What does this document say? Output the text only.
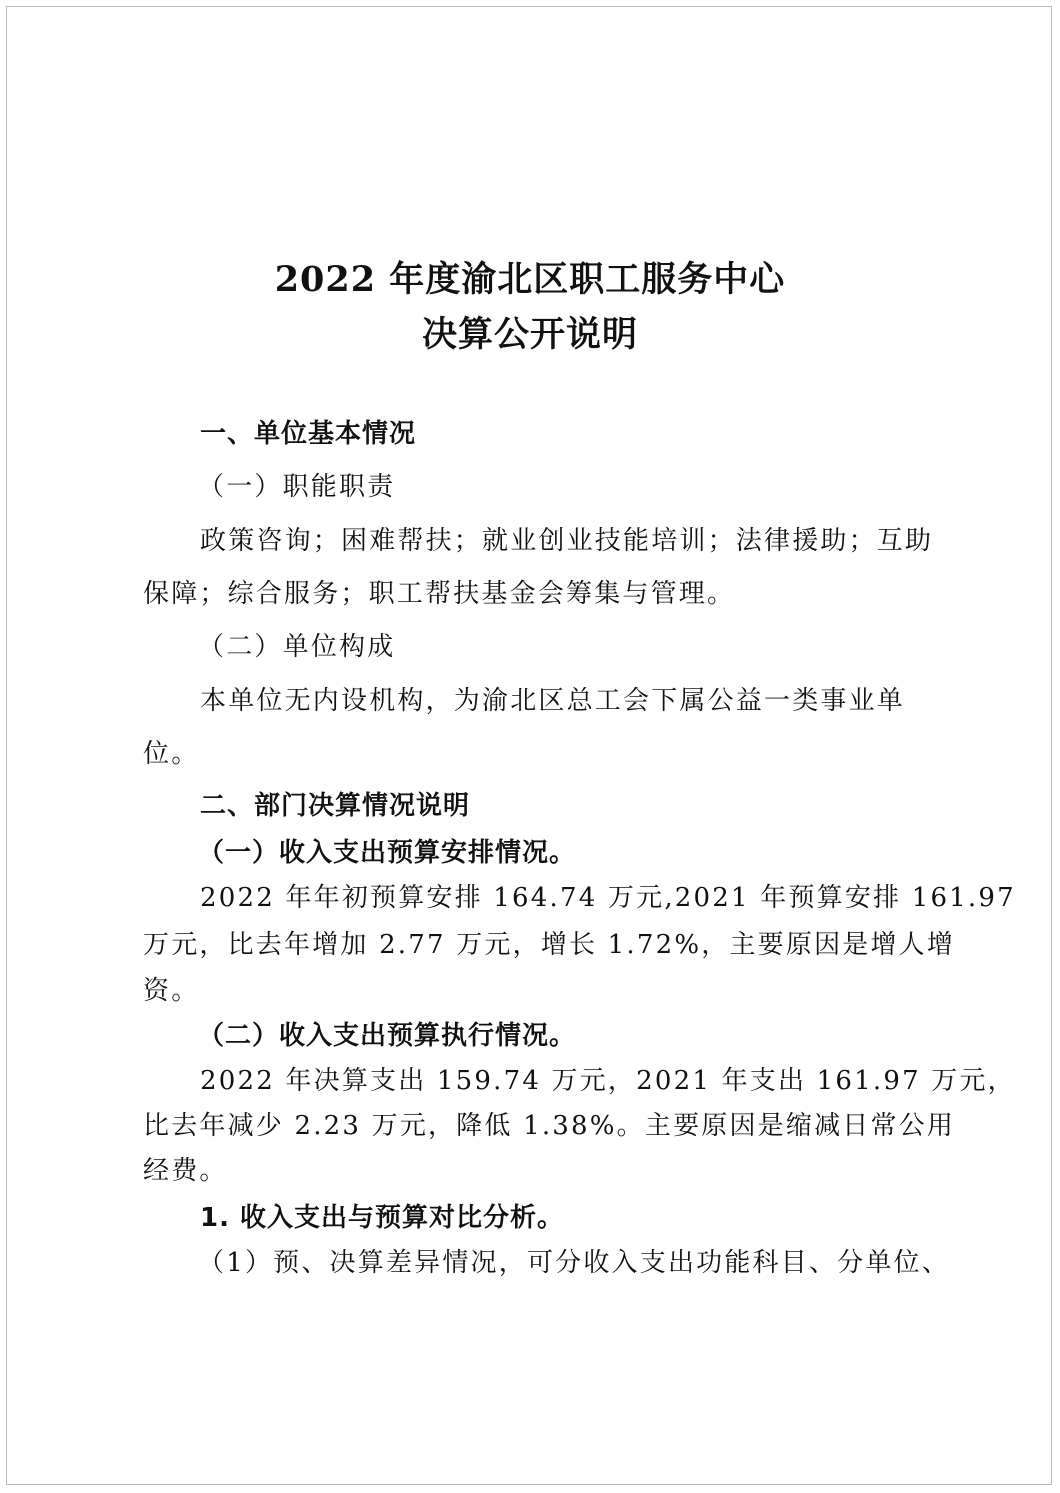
2022 年度渝北区职工服务中心
决算公开说明
一、单位基本情况
（一）职能职责
政策咨询；困难帮扶；就业创业技能培训；法律援助；互助
保障；综合服务；职工帮扶基金会筹集与管理。
（二）单位构成
本单位无内设机构，为渝北区总工会下属公益一类事业单
位。
二、部门决算情况说明
（一）收入支出预算安排情况。
2022 年年初预算安排 164.74 万元,2021 年预算安排 161.97
万元，比去年增加 2.77 万元，增长 1.72%，主要原因是增人增
资。
（二）收入支出预算执行情况。
2022 年决算支出 159.74 万元，2021 年支出 161.97 万元，
比去年减少 2.23 万元，降低 1.38%。主要原因是缩减日常公用
经费。
1. 收入支出与预算对比分析。
（1）预、决算差异情况，可分收入支出功能科目、分单位、
